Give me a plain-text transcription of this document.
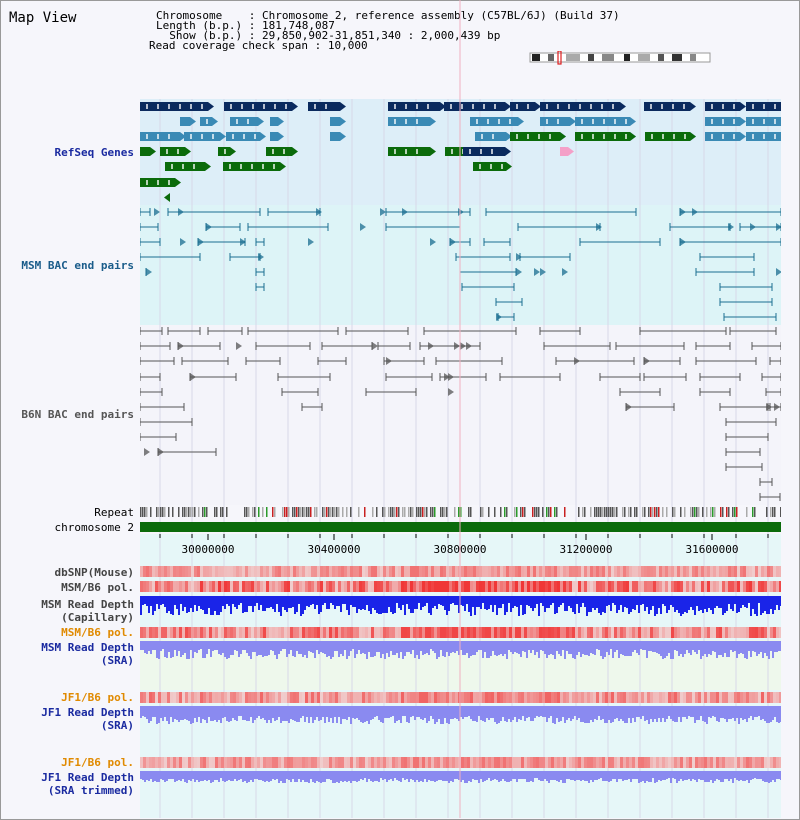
Map View	Chromosome    : Chromosome 2, reference assembly (C57BL/6J) (Build 37)
Length (b.p.) : 181,748,087
Show (b.p.) : 29,850,902-31,851,340 : 2,000,439 bp
Read coverage check span : 10,000
RefSeq Genes
MSM BAC end pairs
B6N BAC end pairs
Repeat
chromosome 2
dbSNP(Mouse)
MSM/B6 pol.
MSM Read Depth
(Capillary)
MSM/B6 pol.
MSM Read Depth
(SRA)
JF1/B6 pol.
JF1 Read Depth
(SRA)
JF1/B6 pol.
JF1 Read Depth
(SRA trimmed)
30000000	30400000	30800000	31200000	31600000
